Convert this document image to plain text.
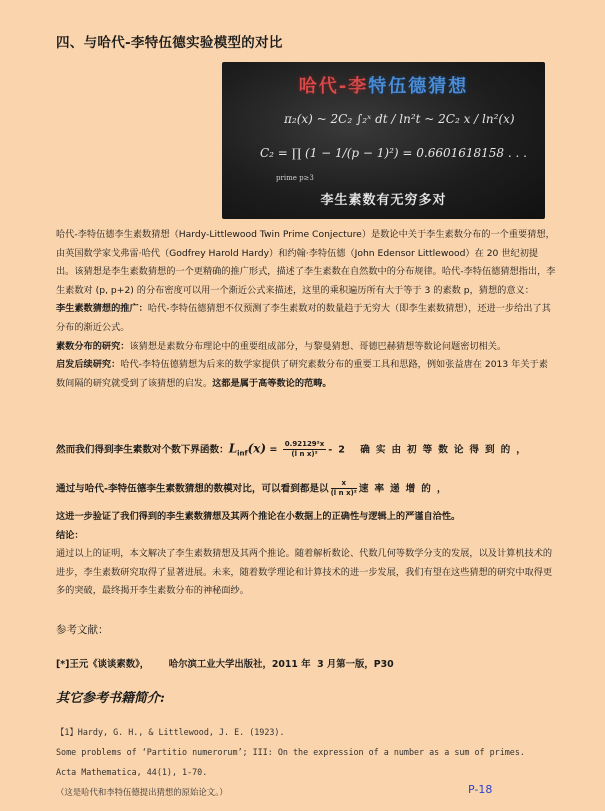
四、与哈代-李特伍德实验模型的对比
哈代-李特伍德猜想
π₂(x) ~ 2C₂ ∫₂ˣ dt / ln²t ~ 2C₂ x / ln²(x)
C₂ = ∏ (1 − 1/(p − 1)²) = 0.6601618158 . . .
prime p≥3
李生素数有无穷多对

哈代-李特伍德李生素数猜想（Hardy-Littlewood Twin Prime Conjecture）是数论中关于李生素数分布的一个重要猜想，由英国数学家戈弗雷·哈代（Godfrey Harold Hardy）和约翰·李特伍德（John Edensor Littlewood）在 20 世纪初提出。该猜想是李生素数猜想的一个更精确的推广形式，描述了李生素数在自然数中的分布规律。哈代-李特伍德猜想指出，李生素数对 (p, p+2) 的分布密度可以用一个渐近公式来描述，这里的乘积遍历所有大于等于 3 的素数 p，猜想的意义：

李生素数猜想的推广：哈代-李特伍德猜想不仅预测了李生素数对的数量趋于无穷大（即李生素数猜想），还进一步给出了其分布的渐近公式。

素数分布的研究：该猜想是素数分布理论中的重要组成部分，与黎曼猜想、哥德巴赫猜想等数论问题密切相关。

启发后续研究：哈代-李特伍德猜想为后来的数学家提供了研究素数分布的重要工具和思路，例如张益唐在 2013 年关于素数间隔的研究就受到了该猜想的启发。这都是属于高等数论的范畴。

然而我们得到李生素数对个数下界函数：$L_{inf}(x) = \frac{\text{0.92129²x}}{\text{(l n x)²}} -2$ 确实由初等数论得到的，
通过与哈代-李特伍德李生素数猜想的数模对比，可以看到都是以 $\frac{x}{\text{(l n x)²}}$ 速率递增的，

这进一步验证了我们得到的李生素数猜想及其两个推论在小数据上的正确性与逻辑上的严谨自洽性。

结论：

通过以上的证明，本文解决了李生素数猜想及其两个推论。随着解析数论、代数几何等数学分支的发展，以及计算机技术的进步，李生素数研究取得了显著进展。未来，随着数学理论和计算技术的进一步发展，我们有望在这些猜想的研究中取得更多的突破，最终揭开李生素数分布的神秘面纱。

参考文献：
[*]王元《谈谈素数》，      哈尔滨工业大学出版社，2011 年  3 月第一版，P30
其它参考书籍简介:

【1】Hardy, G. H., & Littlewood, J. E. (1923).

Some problems of ‘Partitio numerorum’; III: On the expression of a number as a sum of primes.

Acta Mathematica, 44(1), 1-70.

（这是哈代和李特伍德提出猜想的原始论文。）	P-18
